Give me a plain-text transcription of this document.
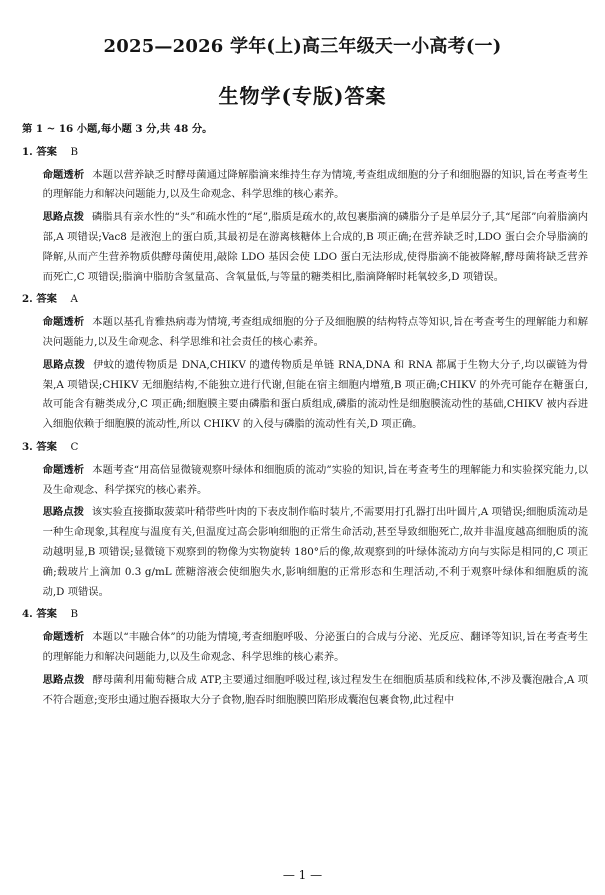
2025—2026 学年(上)高三年级天一小高考(一)
生物学(专版)答案
第 1 ~ 16 小题,每小题 3 分,共 48 分。
1. 答案 B
命题透析 本题以营养缺乏时酵母菌通过降解脂滴来维持生存为情境,考查组成细胞的分子和细胞器的知识,旨在考查考生的理解能力和解决问题能力,以及生命观念、科学思维的核心素养。
思路点拨 磷脂具有亲水性的“头”和疏水性的“尾”,脂质是疏水的,故包裹脂滴的磷脂分子是单层分子,其“尾部”向着脂滴内部,A 项错误;Vac8 是液泡上的蛋白质,其最初是在游离核糖体上合成的,B 项正确;在营养缺乏时,LDO 蛋白会介导脂滴的降解,从而产生营养物质供酵母菌使用,敲除 LDO 基因会使 LDO 蛋白无法形成,使得脂滴不能被降解,酵母菌将缺乏营养而死亡,C 项错误;脂滴中脂肪含氢量高、含氧量低,与等量的糖类相比,脂滴降解时耗氧较多,D 项错误。
2. 答案 A
命题透析 本题以基孔肯雅热病毒为情境,考查组成细胞的分子及细胞膜的结构特点等知识,旨在考查考生的理解能力和解决问题能力,以及生命观念、科学思维和社会责任的核心素养。
思路点拨 伊蚊的遗传物质是 DNA,CHIKV 的遗传物质是单链 RNA,DNA 和 RNA 都属于生物大分子,均以碳链为骨架,A 项错误;CHIKV 无细胞结构,不能独立进行代谢,但能在宿主细胞内增殖,B 项正确;CHIKV 的外壳可能存在糖蛋白,故可能含有糖类成分,C 项正确;细胞膜主要由磷脂和蛋白质组成,磷脂的流动性是细胞膜流动性的基础,CHIKV 被内吞进入细胞依赖于细胞膜的流动性,所以 CHIKV 的入侵与磷脂的流动性有关,D 项正确。
3. 答案 C
命题透析 本题考查“用高倍显微镜观察叶绿体和细胞质的流动”实验的知识,旨在考查考生的理解能力和实验探究能力,以及生命观念、科学探究的核心素养。
思路点拨 该实验直接撕取菠菜叶稍带些叶肉的下表皮制作临时装片,不需要用打孔器打出叶圆片,A 项错误;细胞质流动是一种生命现象,其程度与温度有关,但温度过高会影响细胞的正常生命活动,甚至导致细胞死亡,故并非温度越高细胞质的流动越明显,B 项错误;显微镜下观察到的物像为实物旋转 180°后的像,故观察到的叶绿体流动方向与实际是相同的,C 项正确;载玻片上滴加 0.3 g/mL 蔗糖溶液会使细胞失水,影响细胞的正常形态和生理活动,不利于观察叶绿体和细胞质的流动,D 项错误。
4. 答案 B
命题透析 本题以“丰融合体”的功能为情境,考查细胞呼吸、分泌蛋白的合成与分泌、光反应、翻译等知识,旨在考查考生的理解能力和解决问题能力,以及生命观念、科学思维的核心素养。
思路点拨 酵母菌利用葡萄糖合成 ATP,主要通过细胞呼吸过程,该过程发生在细胞质基质和线粒体,不涉及囊泡融合,A 项不符合题意;变形虫通过胞吞摄取大分子食物,胞吞时细胞膜凹陷形成囊泡包裹食物,此过程中
— 1 —
